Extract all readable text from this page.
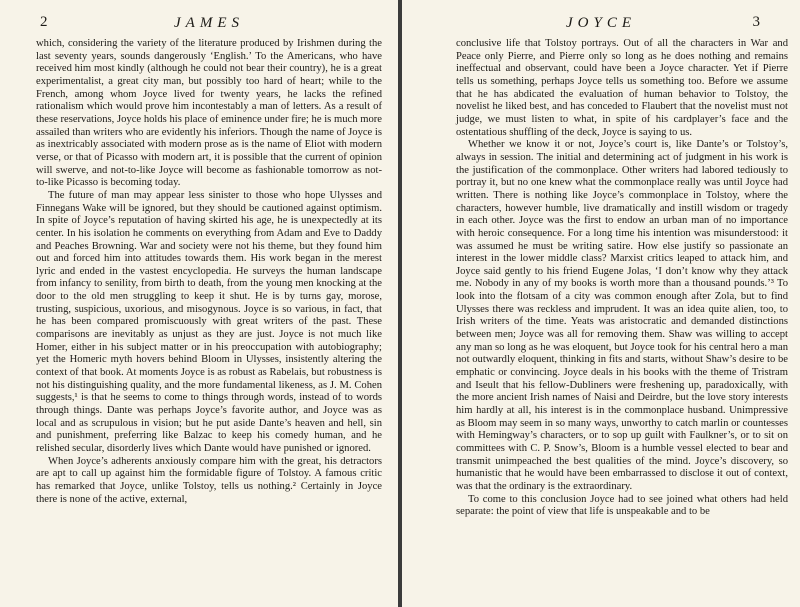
2	JAMES

which, considering the variety of the literature produced by Irishmen during the last seventy years, sounds dangerously ‘English.’ To the Americans, who have received him most kindly (although he could not bear their country), he is a great experimentalist, a great city man, but possibly too hard of heart; while to the French, among whom Joyce lived for twenty years, he lacks the refined rationalism which would prove him incontestably a man of letters. As a result of these reservations, Joyce holds his place of eminence under fire; he is much more assailed than writers who are evidently his inferiors. Though the name of Joyce is as inextricably associated with modern prose as is the name of Eliot with modern verse, or that of Picasso with modern art, it is possible that the current of opinion will swerve, and not-to-like Joyce will become as fashionable tomorrow as not-to-like Picasso is becoming today.

The future of man may appear less sinister to those who hope Ulysses and Finnegans Wake will be ignored, but they should be cautioned against optimism. In spite of Joyce’s reputation of having skirted his age, he is unexpectedly at its center. In his isolation he comments on everything from Adam and Eve to Daddy and Peaches Browning. War and society were not his theme, but they found him out and forced him into attitudes towards them. His work began in the merest lyric and ended in the vastest encyclopedia. He surveys the human landscape from infancy to senility, from birth to death, from the young men knocking at the door to the old men struggling to keep it shut. He is by turns gay, morose, trusting, suspicious, uxorious, and misogynous. Joyce is so various, in fact, that he has been compared promiscuously with great writers of the past. These comparisons are inevitably as unjust as they are just. Joyce is not much like Homer, either in his subject matter or in his preoccupation with autobiography; yet the Homeric myth hovers behind Bloom in Ulysses, insistently altering the context of that book. At moments Joyce is as robust as Rabelais, but robustness is not his distinguishing quality, and the more fundamental likeness, as J. M. Cohen suggests,¹ is that he seems to come to things through words, instead of to words through things. Dante was perhaps Joyce’s favorite author, and Joyce was as local and as scrupulous in vision; but he put aside Dante’s heaven and hell, sin and punishment, preferring like Balzac to keep his comedy human, and he relished secular, disorderly lives which Dante would have punished or ignored.

When Joyce’s adherents anxiously compare him with the great, his detractors are apt to call up against him the formidable figure of Tolstoy. A famous critic has remarked that Joyce, unlike Tolstoy, tells us nothing.² Certainly in Joyce there is none of the active, external,

JOYCE	3

conclusive life that Tolstoy portrays. Out of all the characters in War and Peace only Pierre, and Pierre only so long as he does nothing and remains ineffectual and observant, could have been a Joyce character. Yet if Pierre tells us something, perhaps Joyce tells us something too. Before we assume that he has abdicated the evaluation of human behavior to Tolstoy, the novelist he liked best, and has conceded to Flaubert that the novelist must not judge, we must listen to what, in spite of his cardplayer’s face and the ostentatious shuffling of the deck, Joyce is saying to us.

Whether we know it or not, Joyce’s court is, like Dante’s or Tolstoy’s, always in session. The initial and determining act of judgment in his work is the justification of the commonplace. Other writers had labored tediously to portray it, but no one knew what the commonplace really was until Joyce had written. There is nothing like Joyce’s commonplace in Tolstoy, where the characters, however humble, live dramatically and instill wisdom or tragedy in each other. Joyce was the first to endow an urban man of no importance with heroic consequence. For a long time his intention was misunderstood: it was assumed he must be writing satire. How else justify so passionate an interest in the lower middle class? Marxist critics leaped to attack him, and Joyce said gently to his friend Eugene Jolas, ‘I don’t know why they attack me. Nobody in any of my books is worth more than a thousand pounds.’³ To look into the flotsam of a city was common enough after Zola, but to find Ulysses there was reckless and imprudent. It was an idea quite alien, too, to Irish writers of the time. Yeats was aristocratic and demanded distinctions between men; Joyce was all for removing them. Shaw was willing to accept any man so long as he was eloquent, but Joyce took for his central hero a man not outwardly eloquent, thinking in fits and starts, without Shaw’s desire to be emphatic or convincing. Joyce deals in his books with the theme of Tristram and Iseult that his fellow-Dubliners were freshening up, paradoxically, with the more ancient Irish names of Naisi and Deirdre, but the love story interests him hardly at all, his interest is in the commonplace husband. Unimpressive as Bloom may seem in so many ways, unworthy to catch marlin or countesses with Hemingway’s characters, or to sop up guilt with Faulkner’s, or to sit on committees with C. P. Snow’s, Bloom is a humble vessel elected to bear and transmit unimpeached the best qualities of the mind. Joyce’s discovery, so humanistic that he would have been embarrassed to disclose it out of context, was that the ordinary is the extraordinary.

To come to this conclusion Joyce had to see joined what others had held separate: the point of view that life is unspeakable and to be
